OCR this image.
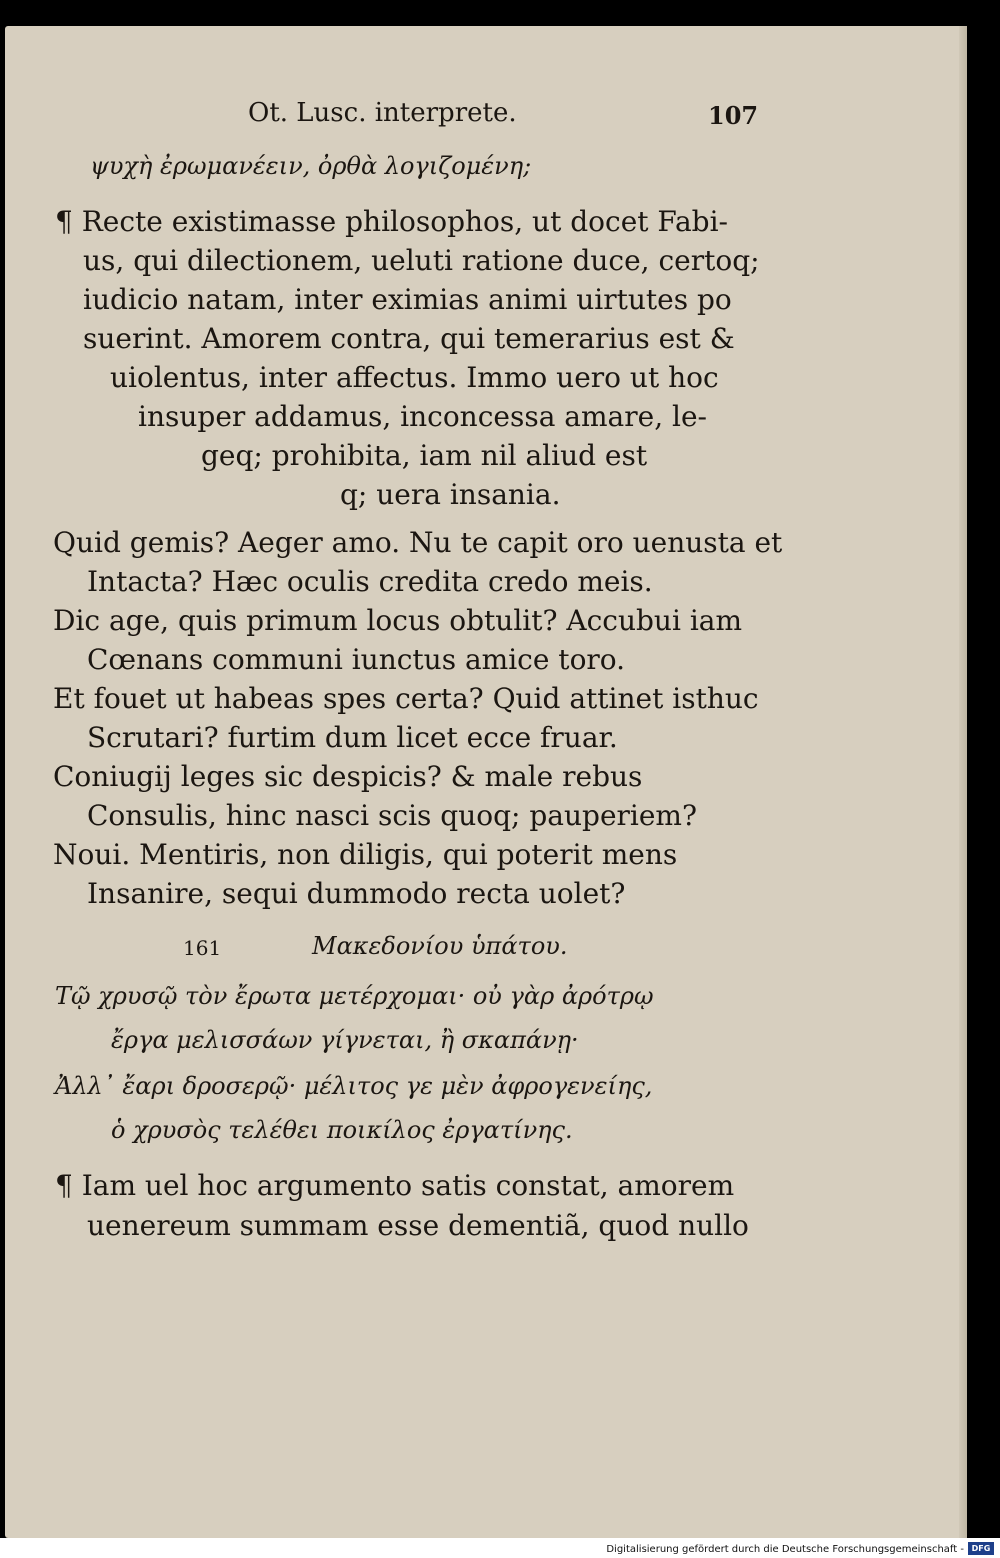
Ot. Lusc. interprete.	107
ψυχὴ ἐρωμανέειν, ὀρθὰ λογιζομένη;
¶ Recte existimasse philosophos, ut docet Fabi-
us, qui dilectionem, ueluti ratione duce, certoq;
iudicio natam, inter eximias animi uirtutes po
suerint. Amorem contra, qui temerarius est &
uiolentus, inter affectus. Immo uero ut hoc
insuper addamus, inconcessa amare, le-
geq; prohibita, iam nil aliud est
q; uera insania.
Quid gemis? Aeger amo. Nu te capit oro uenusta et
Intacta? Hæc oculis credita credo meis.
Dic age, quis primum locus obtulit? Accubui iam
Cœnans communi iunctus amice toro.
Et fouet ut habeas spes certa? Quid attinet isthuc
Scrutari? furtim dum licet ecce fruar.
Coniugij leges sic despicis? & male rebus
Consulis, hinc nasci scis quoq; pauperiem?
Noui. Mentiris, non diligis, qui poterit mens
Insanire, sequi dummodo recta uolet?
161	Μακεδονίου ὑπάτου.
Τῷ χρυσῷ τὸν ἔρωτα μετέρχομαι· οὐ γὰρ ἀρότρῳ
ἔργα μελισσάων γίγνεται, ἢ σκαπάνῃ·
Ἀλλ᾽ ἔαρι δροσερῷ· μέλιτος γε μὲν ἀφρογενείης,
ὁ χρυσὸς τελέθει ποικίλος ἐργατίνης.
¶ Iam uel hoc argumento satis constat, amorem
uenereum summam esse dementiã, quod nullo
Digitalisierung gefördert durch die Deutsche Forschungsgemeinschaft - DFG
